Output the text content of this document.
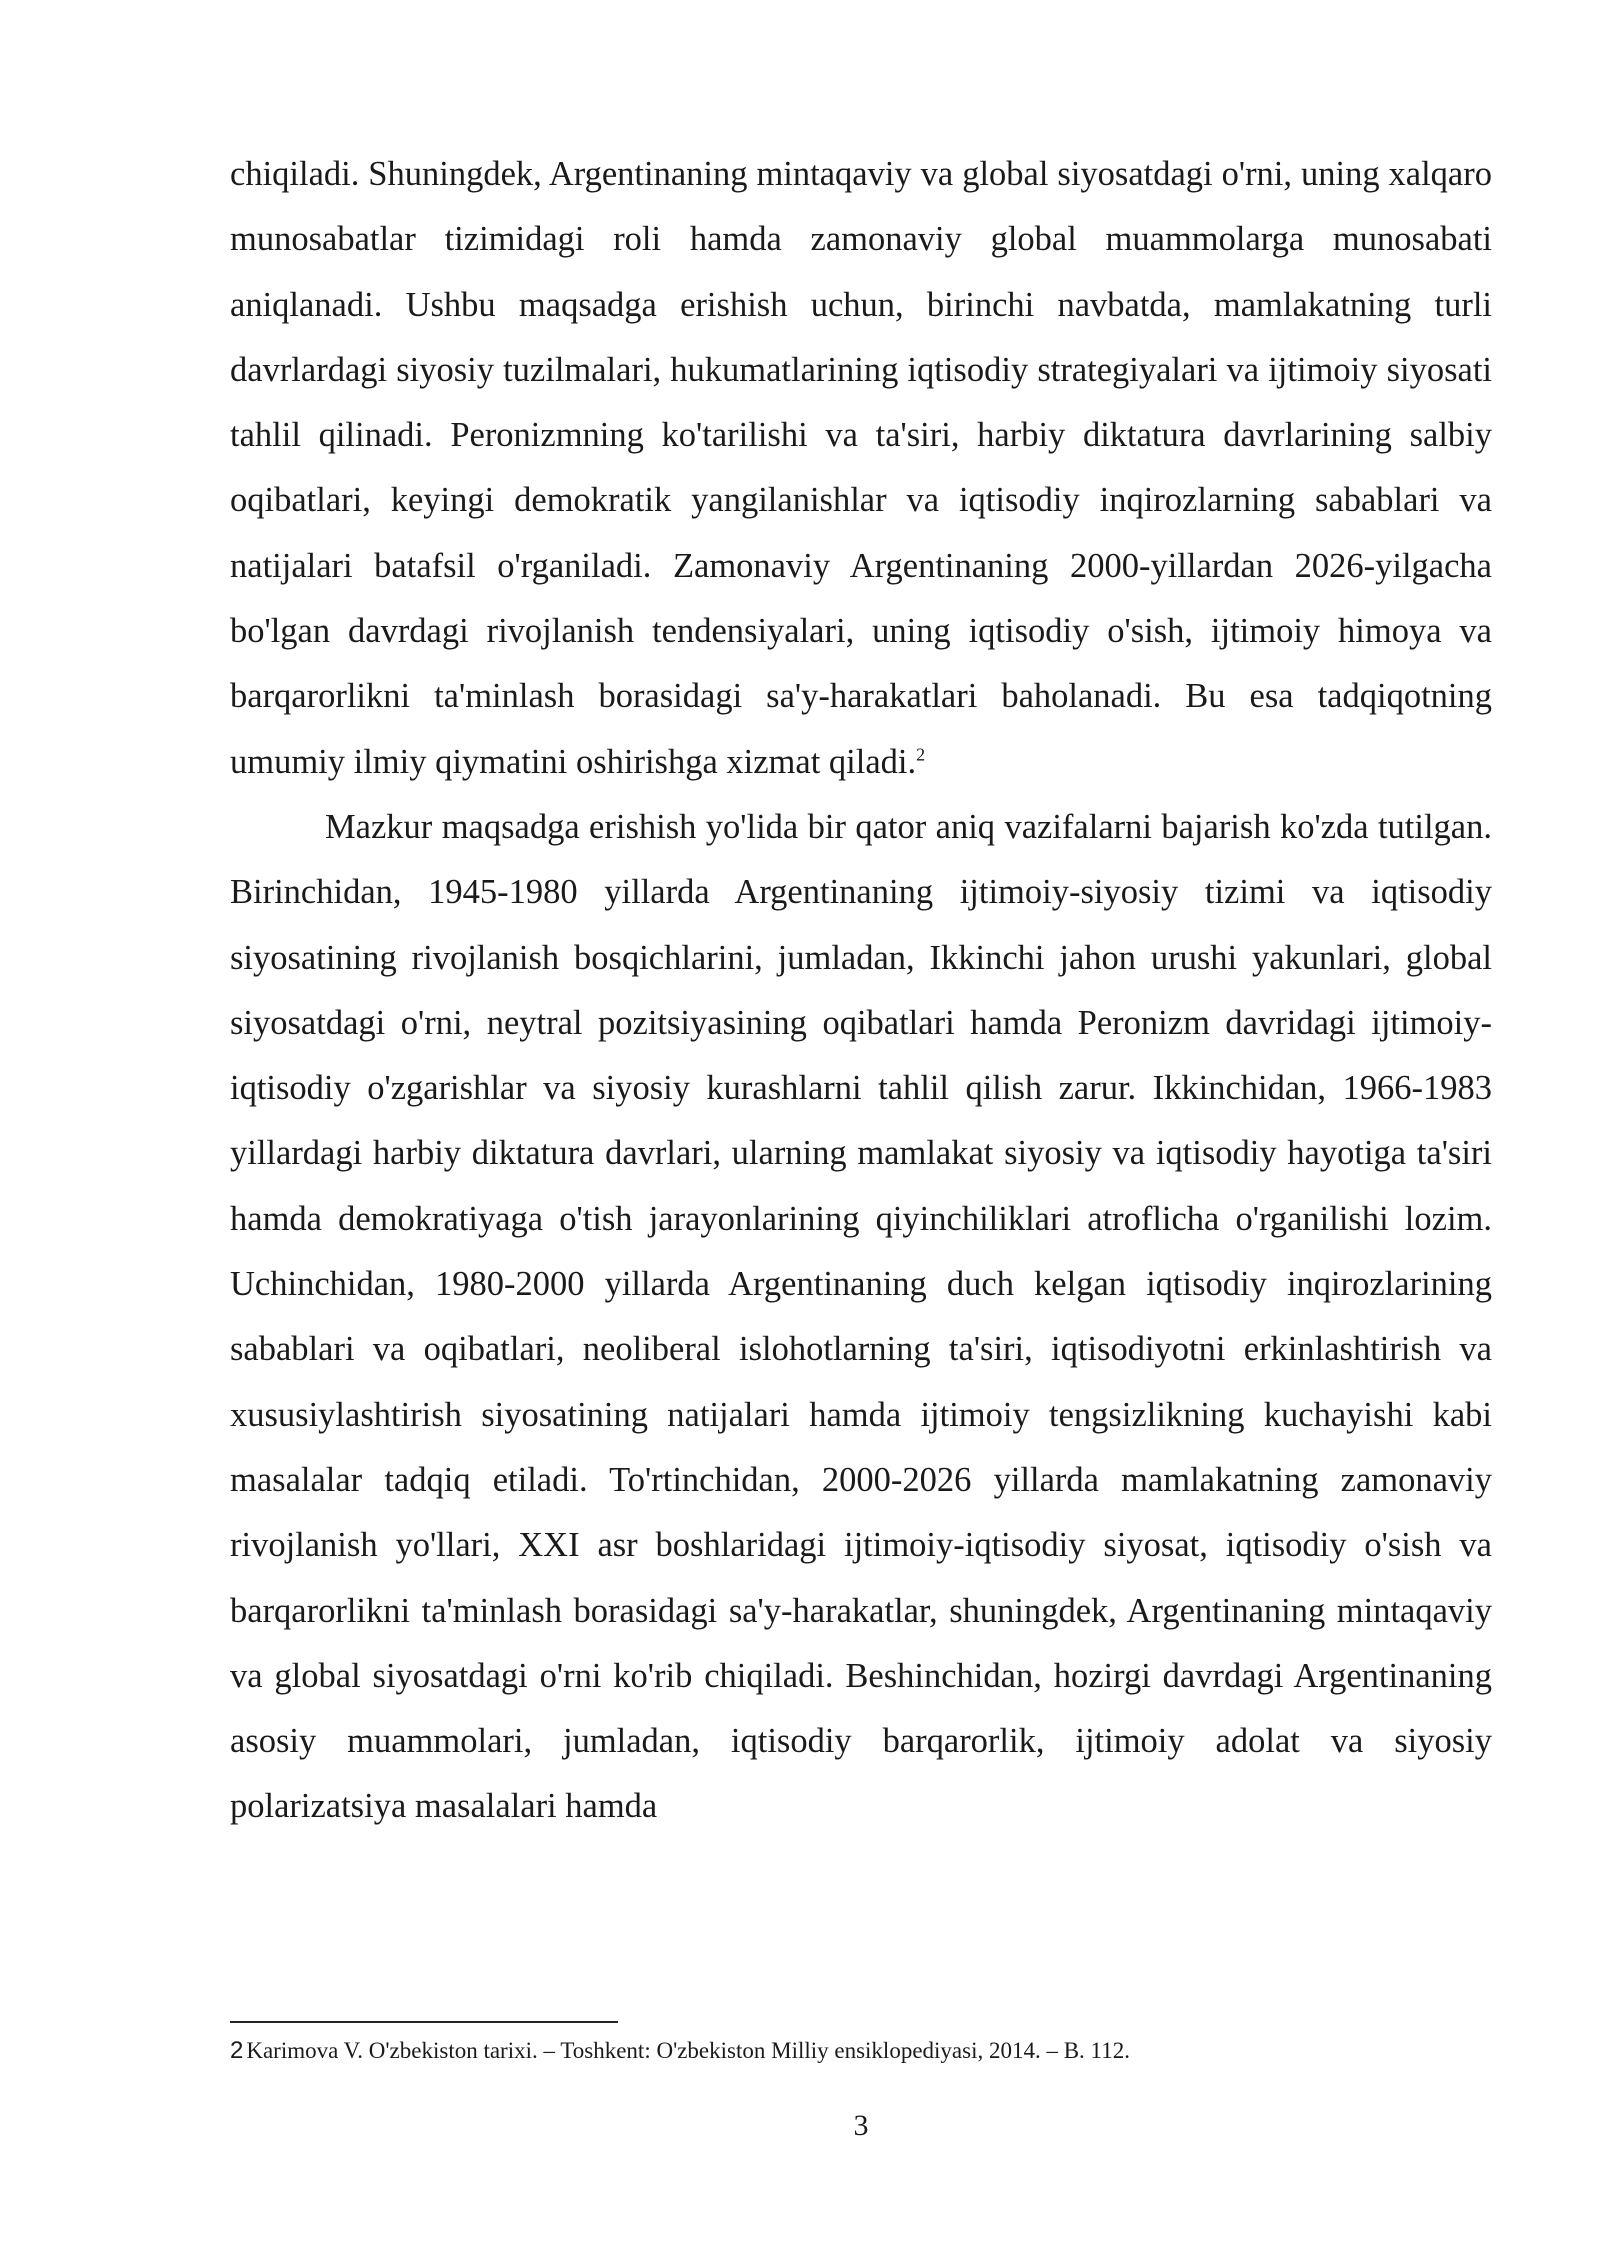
chiqiladi. Shuningdek, Argentinaning mintaqaviy va global siyosatdagi o'rni, uning xalqaro munosabatlar tizimidagi roli hamda zamonaviy global muammolarga munosabati aniqlanadi. Ushbu maqsadga erishish uchun, birinchi navbatda, mamlakatning turli davrlardagi siyosiy tuzilmalari, hukumatlarining iqtisodiy strategiyalari va ijtimoiy siyosati tahlil qilinadi. Peronizmning ko'tarilishi va ta'siri, harbiy diktatura davrlarining salbiy oqibatlari, keyingi demokratik yangilanishlar va iqtisodiy inqirozlarning sabablari va natijalari batafsil o'rganiladi. Zamonaviy Argentinaning 2000-yillardan 2026-yilgacha bo'lgan davrdagi rivojlanish tendensiyalari, uning iqtisodiy o'sish, ijtimoiy himoya va barqarorlikni ta'minlash borasidagi sa'y-harakatlari baholanadi. Bu esa tadqiqotning umumiy ilmiy qiymatini oshirishga xizmat qiladi.$^2$

Mazkur maqsadga erishish yo'lida bir qator aniq vazifalarni bajarish ko'zda tutilgan. Birinchidan, 1945-1980 yillarda Argentinaning ijtimoiy-siyosiy tizimi va iqtisodiy siyosatining rivojlanish bosqichlarini, jumladan, Ikkinchi jahon urushi yakunlari, global siyosatdagi o'rni, neytral pozitsiyasining oqibatlari hamda Peronizm davridagi ijtimoiy-iqtisodiy o'zgarishlar va siyosiy kurashlarni tahlil qilish zarur. Ikkinchidan, 1966-1983 yillardagi harbiy diktatura davrlari, ularning mamlakat siyosiy va iqtisodiy hayotiga ta'siri hamda demokratiyaga o'tish jarayonlarining qiyinchiliklari atroflicha o'rganilishi lozim. Uchinchidan, 1980-2000 yillarda Argentinaning duch kelgan iqtisodiy inqirozlarining sabablari va oqibatlari, neoliberal islohotlarning ta'siri, iqtisodiyotni erkinlashtirish va xususiylashtirish siyosatining natijalari hamda ijtimoiy tengsizlikning kuchayishi kabi masalalar tadqiq etiladi. To'rtinchidan, 2000-2026 yillarda mamlakatning zamonaviy rivojlanish yo'llari, XXI asr boshlaridagi ijtimoiy-iqtisodiy siyosat, iqtisodiy o'sish va barqarorlikni ta'minlash borasidagi sa'y-harakatlar, shuningdek, Argentinaning mintaqaviy va global siyosatdagi o'rni ko'rib chiqiladi. Beshinchidan, hozirgi davrdagi Argentinaning asosiy muammolari, jumladan, iqtisodiy barqarorlik, ijtimoiy adolat va siyosiy polarizatsiya masalalari hamda

2 Karimova V. O'zbekiston tarixi. – Toshkent: O'zbekiston Milliy ensiklopediyasi, 2014. – B. 112.
3
